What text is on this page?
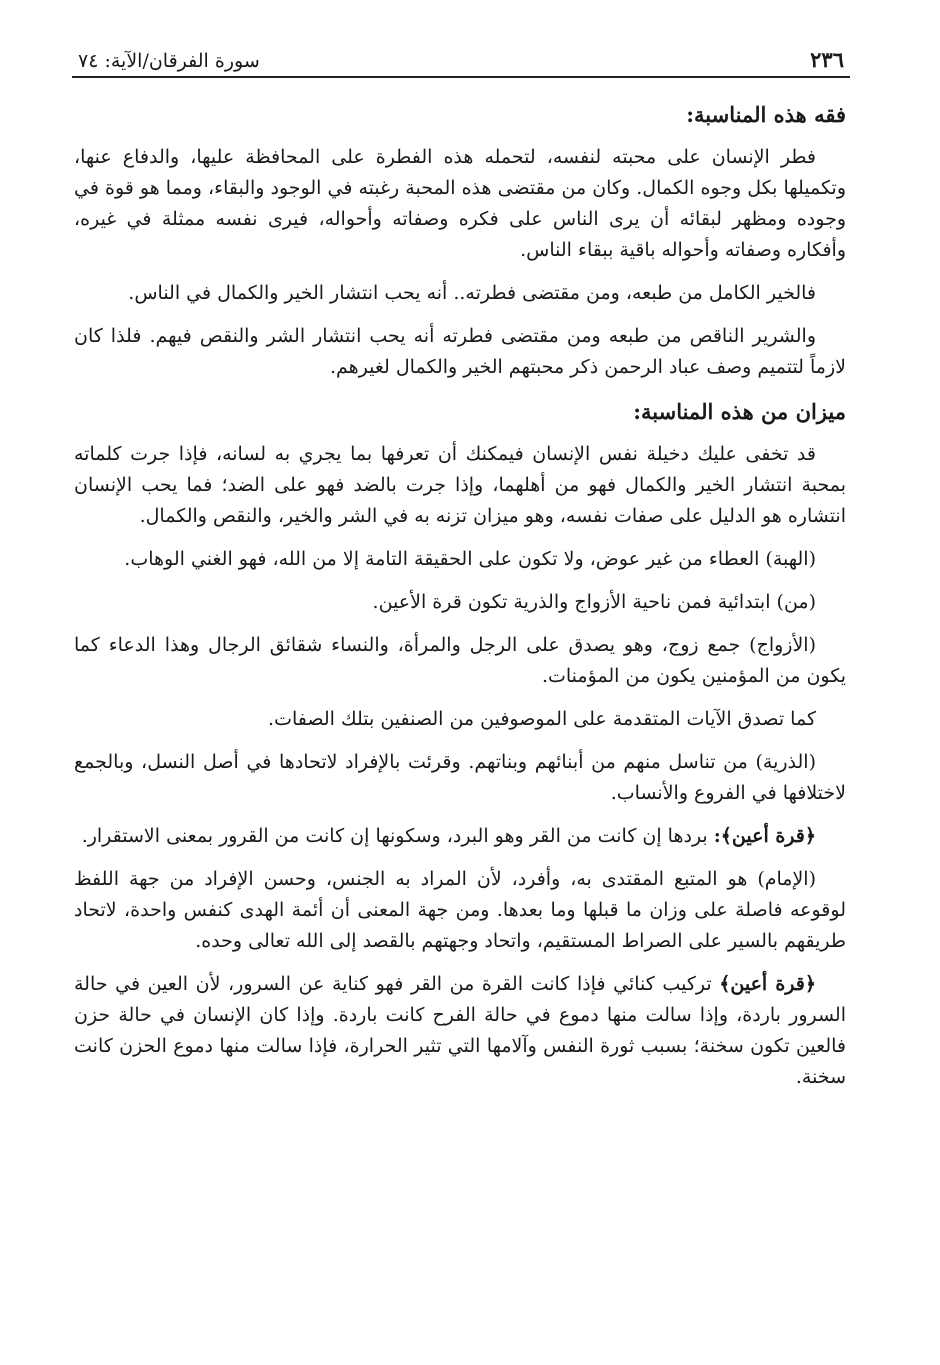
٢٣٦
سورة الفرقان/الآية: ٧٤
فقه هذه المناسبة:

فطر الإنسان على محبته لنفسه، لتحمله هذه الفطرة على المحافظة عليها، والدفاع عنها، وتكميلها بكل وجوه الكمال. وكان من مقتضى هذه المحبة رغبته في الوجود والبقاء، ومما هو قوة في وجوده ومظهر لبقائه أن يرى الناس على فكره وصفاته وأحواله، فيرى نفسه ممثلة في غيره، وأفكاره وصفاته وأحواله باقية ببقاء الناس.

فالخير الكامل من طبعه، ومن مقتضى فطرته.. أنه يحب انتشار الخير والكمال في الناس.

والشرير الناقص من طبعه ومن مقتضى فطرته أنه يحب انتشار الشر والنقص فيهم. فلذا كان لازماً لتتميم وصف عباد الرحمن ذكر محبتهم الخير والكمال لغيرهم.

ميزان من هذه المناسبة:

قد تخفى عليك دخيلة نفس الإنسان فيمكنك أن تعرفها بما يجري به لسانه، فإذا جرت كلماته بمحبة انتشار الخير والكمال فهو من أهلهما، وإذا جرت بالضد فهو على الضد؛ فما يحب الإنسان انتشاره هو الدليل على صفات نفسه، وهو ميزان تزنه به في الشر والخير، والنقص والكمال.

(الهبة) العطاء من غير عوض، ولا تكون على الحقيقة التامة إلا من الله، فهو الغني الوهاب.

(من) ابتدائية فمن ناحية الأزواج والذرية تكون قرة الأعين.

(الأزواج) جمع زوج، وهو يصدق على الرجل والمرأة، والنساء شقائق الرجال وهذا الدعاء كما يكون من المؤمنين يكون من المؤمنات.

كما تصدق الآيات المتقدمة على الموصوفين من الصنفين بتلك الصفات.

(الذرية) من تناسل منهم من أبنائهم وبناتهم. وقرئت بالإفراد لاتحادها في أصل النسل، وبالجمع لاختلافها في الفروع والأنساب.

﴿قرة أعين﴾: بردها إن كانت من القر وهو البرد، وسكونها إن كانت من القرور بمعنى الاستقرار.

(الإمام) هو المتبع المقتدى به، وأفرد، لأن المراد به الجنس، وحسن الإفراد من جهة اللفظ لوقوعه فاصلة على وزان ما قبلها وما بعدها. ومن جهة المعنى أن أئمة الهدى كنفس واحدة، لاتحاد طريقهم بالسير على الصراط المستقيم، واتحاد وجهتهم بالقصد إلى الله تعالى وحده.

﴿قرة أعين﴾ تركيب كنائي فإذا كانت القرة من القر فهو كناية عن السرور، لأن العين في حالة السرور باردة، وإذا سالت منها دموع في حالة الفرح كانت باردة. وإذا كان الإنسان في حالة حزن فالعين تكون سخنة؛ بسبب ثورة النفس وآلامها التي تثير الحرارة، فإذا سالت منها دموع الحزن كانت سخنة.
